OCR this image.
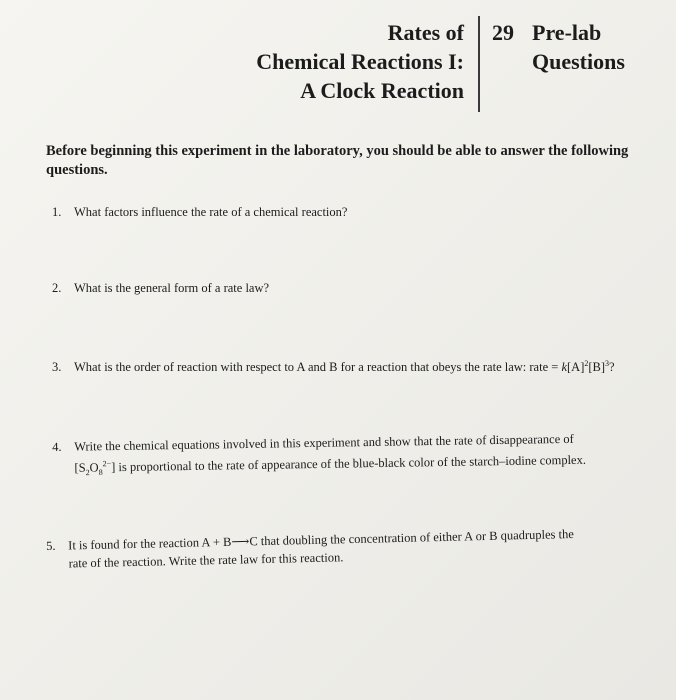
Rates of
Chemical Reactions I:
A Clock Reaction
29 Pre-lab
Questions
Before beginning this experiment in the laboratory, you should be able to answer the following questions.
1. What factors influence the rate of a chemical reaction?
2. What is the general form of a rate law?
3. What is the order of reaction with respect to A and B for a reaction that obeys the rate law: rate = $k[A]^2[B]^3$?
4. Write the chemical equations involved in this experiment and show that the rate of disappearance of
$[S_2O_8^{2-}]$ is proportional to the rate of appearance of the blue-black color of the starch–iodine complex.
5. It is found for the reaction A + B⟶C that doubling the concentration of either A or B quadruples the
rate of the reaction. Write the rate law for this reaction.
